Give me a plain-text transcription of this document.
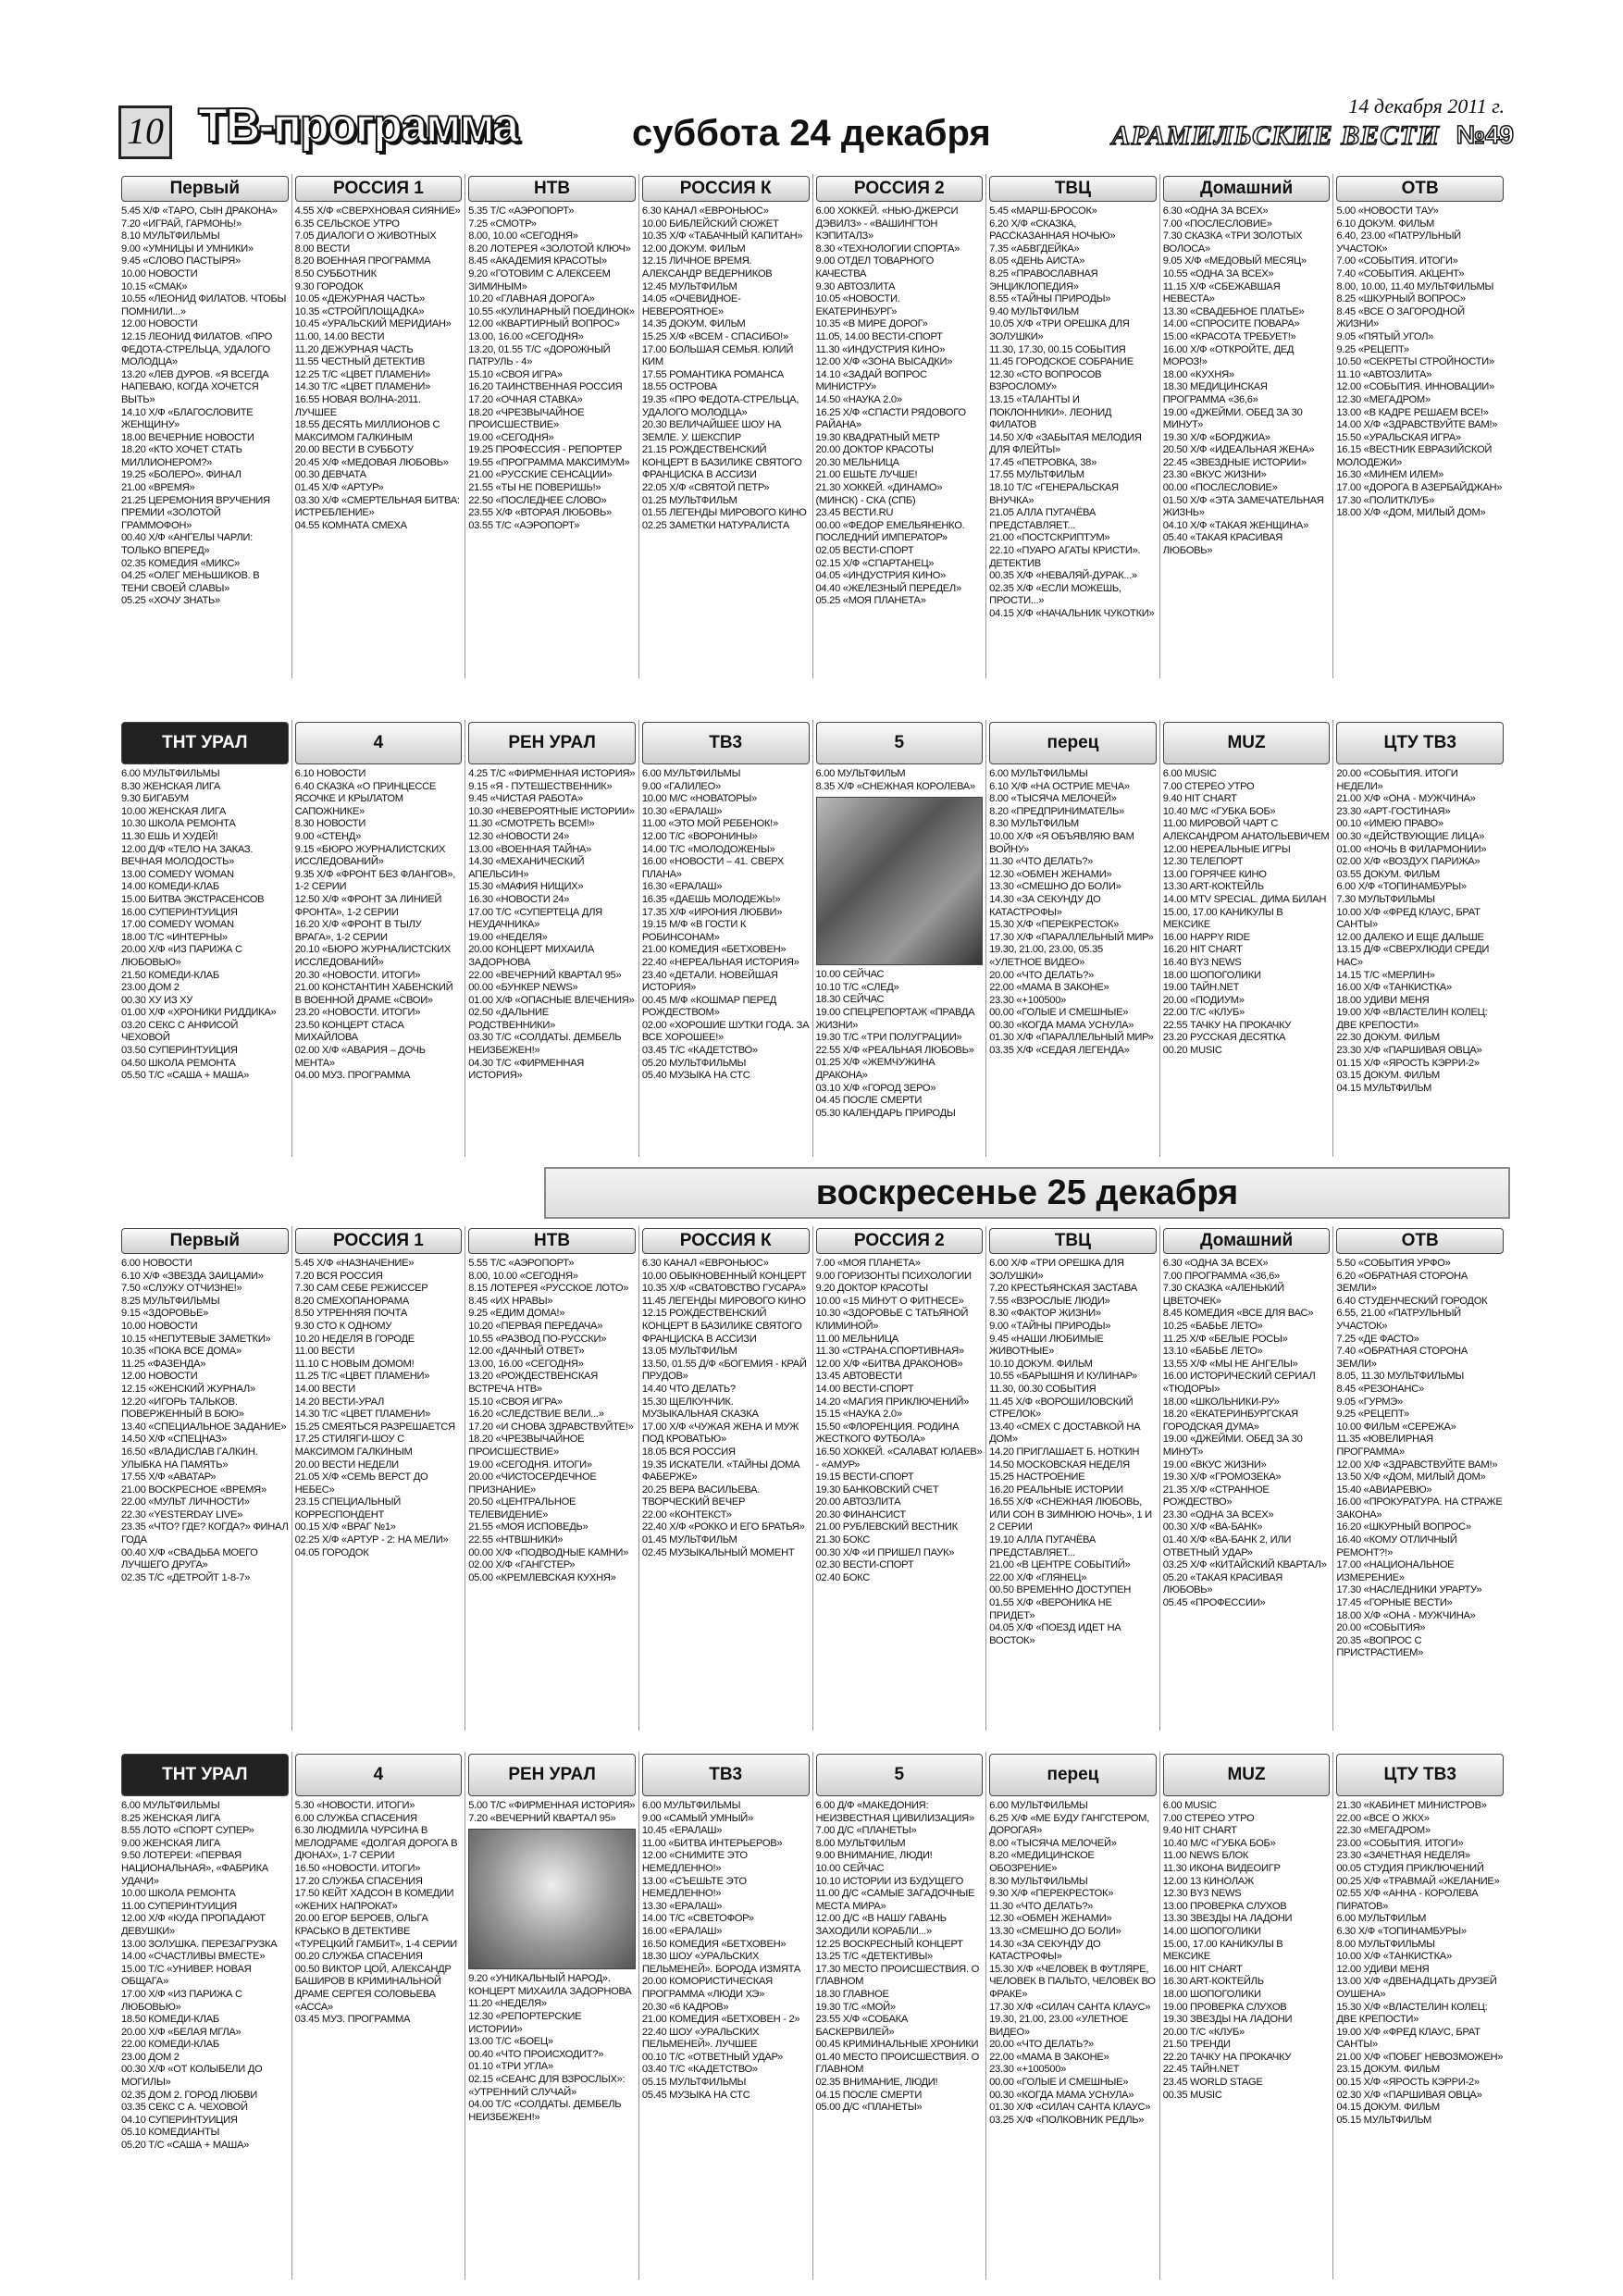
10 ТВ-программа	суббота 24 декабря
14 декабря 2011 г.
АРАМИЛЬСКИЕ ВЕСТИ №49
Первый
5.45 Х/Ф «ТАРО, СЫН ДРАКОНА»
7.20 «ИГРАЙ, ГАРМОНЬ!»
8.10 МУЛЬТФИЛЬМЫ
9.00 «УМНИЦЫ И УМНИКИ»
9.45 «СЛОВО ПАСТЫРЯ»
10.00 НОВОСТИ
10.15 «СМАК»
10.55 «ЛЕОНИД ФИЛАТОВ. ЧТОБЫ ПОМНИЛИ...»
12.00 НОВОСТИ
12.15 ЛЕОНИД ФИЛАТОВ. «ПРО ФЕДОТА-СТРЕЛЬЦА, УДАЛОГО МОЛОДЦА»
13.20 «ЛЕВ ДУРОВ. «Я ВСЕГДА НАПЕВАЮ, КОГДА ХОЧЕТСЯ ВЫТЬ»
14.10 Х/Ф «БЛАГОСЛОВИТЕ ЖЕНЩИНУ»
18.00 ВЕЧЕРНИЕ НОВОСТИ
18.20 «КТО ХОЧЕТ СТАТЬ МИЛЛИОНЕРОМ?»
19.25 «БОЛЕРО». ФИНАЛ
21.00 «ВРЕМЯ»
21.25 ЦЕРЕМОНИЯ ВРУЧЕНИЯ ПРЕМИИ «ЗОЛОТОЙ ГРАММОФОН»
00.40 Х/Ф «АНГЕЛЫ ЧАРЛИ: ТОЛЬКО ВПЕРЕД»
02.35 КОМЕДИЯ «МИКС»
04.25 «ОЛЕГ МЕНЬШИКОВ. В ТЕНИ СВОЕЙ СЛАВЫ»
05.25 «ХОЧУ ЗНАТЬ»
РОССИЯ 1
4.55 Х/Ф «СВЕРХНОВАЯ СИЯНИЕ»
6.35 СЕЛЬСКОЕ УТРО
7.05 ДИАЛОГИ О ЖИВОТНЫХ
8.00 ВЕСТИ
8.20 ВОЕННАЯ ПРОГРАММА
8.50 СУББОТНИК
9.30 ГОРОДОК
10.05 «ДЕЖУРНАЯ ЧАСТЬ»
10.35 «СТРОЙПЛОЩАДКА»
10.45 «УРАЛЬСКИЙ МЕРИДИАН»
11.00, 14.00 ВЕСТИ
11.20 ДЕЖУРНАЯ ЧАСТЬ
11.55 ЧЕСТНЫЙ ДЕТЕКТИВ
12.25 Т/С «ЦВЕТ ПЛАМЕНИ»
14.30 Т/С «ЦВЕТ ПЛАМЕНИ»
16.55 НОВАЯ ВОЛНА-2011. ЛУЧШЕЕ
18.55 ДЕСЯТЬ МИЛЛИОНОВ С МАКСИМОМ ГАЛКИНЫМ
20.00 ВЕСТИ В СУББОТУ
20.45 Х/Ф «МЕДОВАЯ ЛЮБОВЬ»
00.30 ДЕВЧАТА
01.45 Х/Ф «АРТУР»
03.30 Х/Ф «СМЕРТЕЛЬНАЯ БИТВА: ИСТРЕБЛЕНИЕ»
04.55 КОМНАТА СМЕХА
НТВ
5.35 Т/С «АЭРОПОРТ»
7.25 «СМОТР»
8.00, 10.00 «СЕГОДНЯ»
8.20 ЛОТЕРЕЯ «ЗОЛОТОЙ КЛЮЧ»
8.45 «АКАДЕМИЯ КРАСОТЫ»
9.20 «ГОТОВИМ С АЛЕКСЕЕМ ЗИМИНЫМ»
10.20 «ГЛАВНАЯ ДОРОГА»
10.55 «КУЛИНАРНЫЙ ПОЕДИНОК»
12.00 «КВАРТИРНЫЙ ВОПРОС»
13.00, 16.00 «СЕГОДНЯ»
13.20, 01.55 Т/С «ДОРОЖНЫЙ ПАТРУЛЬ - 4»
15.10 «СВОЯ ИГРА»
16.20 ТАИНСТВЕННАЯ РОССИЯ
17.20 «ОЧНАЯ СТАВКА»
18.20 «ЧРЕЗВЫЧАЙНОЕ ПРОИСШЕСТВИЕ»
19.00 «СЕГОДНЯ»
19.25 ПРОФЕССИЯ - РЕПОРТЕР
19.55 «ПРОГРАММА МАКСИМУМ»
21.00 «РУССКИЕ СЕНСАЦИИ»
21.55 «ТЫ НЕ ПОВЕРИШЬ!»
22.50 «ПОСЛЕДНЕЕ СЛОВО»
23.55 Х/Ф «ВТОРАЯ ЛЮБОВЬ»
03.55 Т/С «АЭРОПОРТ»
РОССИЯ К
6.30 КАНАЛ «ЕВРОНЬЮС»
10.00 БИБЛЕЙСКИЙ СЮЖЕТ
10.35 Х/Ф «ТАБАЧНЫЙ КАПИТАН»
12.00 ДОКУМ. ФИЛЬМ
12.15 ЛИЧНОЕ ВРЕМЯ. АЛЕКСАНДР ВЕДЕРНИКОВ
12.45 МУЛЬТФИЛЬМ
14.05 «ОЧЕВИДНОЕ-НЕВЕРОЯТНОЕ»
14.35 ДОКУМ. ФИЛЬМ
15.25 Х/Ф «ВСЕМ - СПАСИБО!»
17.00 БОЛЬШАЯ СЕМЬЯ. ЮЛИЙ КИМ
17.55 РОМАНТИКА РОМАНСА
18.55 ОСТРОВА
19.35 «ПРО ФЕДОТА-СТРЕЛЬЦА, УДАЛОГО МОЛОДЦА»
20.30 ВЕЛИЧАЙШЕЕ ШОУ НА ЗЕМЛЕ. У. ШЕКСПИР
21.15 РОЖДЕСТВЕНСКИЙ КОНЦЕРТ В БАЗИЛИКЕ СВЯТОГО ФРАНЦИСКА В АССИЗИ
22.05 Х/Ф «СВЯТОЙ ПЕТР»
01.25 МУЛЬТФИЛЬМ
01.55 ЛЕГЕНДЫ МИРОВОГО КИНО
02.25 ЗАМЕТКИ НАТУРАЛИСТА
РОССИЯ 2
6.00 ХОККЕЙ. «НЬЮ-ДЖЕРСИ ДЭВИЛЗ» - «ВАШИНГТОН КЭПИТАЛЗ»
8.30 «ТЕХНОЛОГИИ СПОРТА»
9.00 ОТДЕЛ ТОВАРНОГО КАЧЕСТВА
9.30 АВТОЗЛИТА
10.05 «НОВОСТИ. ЕКАТЕРИНБУРГ»
10.35 «В МИРЕ ДОРОГ»
11.05, 14.00 ВЕСТИ-СПОРТ
11.30 «ИНДУСТРИЯ КИНО»
12.00 Х/Ф «ЗОНА ВЫСАДКИ»
14.10 «ЗАДАЙ ВОПРОС МИНИСТРУ»
14.50 «НАУКА 2.0»
16.25 Х/Ф «СПАСТИ РЯДОВОГО РАЙАНА»
19.30 КВАДРАТНЫЙ МЕТР
20.00 ДОКТОР КРАСОТЫ
20.30 МЕЛЬНИЦА
21.00 ЕШЬТЕ ЛУЧШЕ!
21.30 ХОККЕЙ. «ДИНАМО» (МИНСК) - СКА (СПБ)
23.45 ВЕСТИ.RU
00.00 «ФЕДОР ЕМЕЛЬЯНЕНКО. ПОСЛЕДНИЙ ИМПЕРАТОР»
02.05 ВЕСТИ-СПОРТ
02.15 Х/Ф «СПАРТАНЕЦ»
04.05 «ИНДУСТРИЯ КИНО»
04.40 «ЖЕЛЕЗНЫЙ ПЕРЕДЕЛ»
05.25 «МОЯ ПЛАНЕТА»
ТВЦ
5.45 «МАРШ-БРОСОК»
6.20 Х/Ф «СКАЗКА, РАССКАЗАННАЯ НОЧЬЮ»
7.35 «АБВГДЕЙКА»
8.05 «ДЕНЬ АИСТА»
8.25 «ПРАВОСЛАВНАЯ ЭНЦИКЛОПЕДИЯ»
8.55 «ТАЙНЫ ПРИРОДЫ»
9.40 МУЛЬТФИЛЬМ
10.05 Х/Ф «ТРИ ОРЕШКА ДЛЯ ЗОЛУШКИ»
11.30, 17.30, 00.15 СОБЫТИЯ
11.45 ГОРОДСКОЕ СОБРАНИЕ
12.30 «СТО ВОПРОСОВ ВЗРОСЛОМУ»
13.15 «ТАЛАНТЫ И ПОКЛОННИКИ». ЛЕОНИД ФИЛАТОВ
14.50 Х/Ф «ЗАБЫТАЯ МЕЛОДИЯ ДЛЯ ФЛЕЙТЫ»
17.45 «ПЕТРОВКА, 38»
17.55 МУЛЬТФИЛЬМ
18.10 Т/С «ГЕНЕРАЛЬСКАЯ ВНУЧКА»
21.05 АЛЛА ПУГАЧЁВА ПРЕДСТАВЛЯЕТ...
21.00 «ПОСТСКРИПТУМ»
22.10 «ПУАРО АГАТЫ КРИСТИ». ДЕТЕКТИВ
00.35 Х/Ф «НЕВАЛЯЙ-ДУРАК...»
02.35 Х/Ф «ЕСЛИ МОЖЕШЬ, ПРОСТИ...»
04.15 Х/Ф «НАЧАЛЬНИК ЧУКОТКИ»
Домашний
6.30 «ОДНА ЗА ВСЕХ»
7.00 «ПОСЛЕСЛОВИЕ»
7.30 СКАЗКА «ТРИ ЗОЛОТЫХ ВОЛОСА»
9.05 Х/Ф «МЕДОВЫЙ МЕСЯЦ»
10.55 «ОДНА ЗА ВСЕХ»
11.15 Х/Ф «СБЕЖАВШАЯ НЕВЕСТА»
13.30 «СВАДЕБНОЕ ПЛАТЬЕ»
14.00 «СПРОСИТЕ ПОВАРА»
15.00 «КРАСОТА ТРЕБУЕТ!»
16.00 Х/Ф «ОТКРОЙТЕ, ДЕД МОРОЗ!»
18.00 «КУХНЯ»
18.30 МЕДИЦИНСКАЯ ПРОГРАММА «36,6»
19.00 «ДЖЕЙМИ. ОБЕД ЗА 30 МИНУТ»
19.30 Х/Ф «БОРДЖИА»
20.50 Х/Ф «ИДЕАЛЬНАЯ ЖЕНА»
22.45 «ЗВЕЗДНЫЕ ИСТОРИИ»
23.30 «ВКУС ЖИЗНИ»
00.00 «ПОСЛЕСЛОВИЕ»
01.50 Х/Ф «ЭТА ЗАМЕЧАТЕЛЬНАЯ ЖИЗНЬ»
04.10 Х/Ф «ТАКАЯ ЖЕНЩИНА»
05.40 «ТАКАЯ КРАСИВАЯ ЛЮБОВЬ»
ОТВ
5.00 «НОВОСТИ ТАУ»
6.10 ДОКУМ. ФИЛЬМ
6.40, 23.00 «ПАТРУЛЬНЫЙ УЧАСТОК»
7.00 «СОБЫТИЯ. ИТОГИ»
7.40 «СОБЫТИЯ. АКЦЕНТ»
8.00, 10.00, 11.40 МУЛЬТФИЛЬМЫ
8.25 «ШКУРНЫЙ ВОПРОС»
8.45 «ВСЕ О ЗАГОРОДНОЙ ЖИЗНИ»
9.05 «ПЯТЫЙ УГОЛ»
9.25 «РЕЦЕПТ»
10.50 «СЕКРЕТЫ СТРОЙНОСТИ»
11.10 «АВТОЗЛИТА»
12.00 «СОБЫТИЯ. ИННОВАЦИИ»
12.30 «МЕГАДРОМ»
13.00 «В КАДРЕ РЕШАЕМ ВСЕ!»
14.00 Х/Ф «ЗДРАВСТВУЙТЕ ВАМ!»
15.50 «УРАЛЬСКАЯ ИГРА»
16.15 «ВЕСТНИК ЕВРАЗИЙСКОЙ МОЛОДЕЖИ»
16.30 «МИНЕМ ИЛЕМ»
17.00 «ДОРОГА В АЗЕРБАЙДЖАН»
17.30 «ПОЛИТКЛУБ»
18.00 Х/Ф «ДОМ, МИЛЫЙ ДОМ»
ТНТ УРАЛ
6.00 МУЛЬТФИЛЬМЫ
8.30 ЖЕНСКАЯ ЛИГА
9.30 БИГАБУМ
10.00 ЖЕНСКАЯ ЛИГА
10.30 ШКОЛА РЕМОНТА
11.30 ЕШЬ И ХУДЕЙ!
12.00 Д/Ф «ТЕЛО НА ЗАКАЗ. ВЕЧНАЯ МОЛОДОСТЬ»
13.00 COMEDY WOMAN
14.00 КОМЕДИ-КЛАБ
15.00 БИТВА ЭКСТРАСЕНСОВ
16.00 СУПЕРИНТУИЦИЯ
17.00 COMEDY WOMAN
18.00 Т/С «ИНТЕРНЫ»
20.00 Х/Ф «ИЗ ПАРИЖА С ЛЮБОВЬЮ»
21.50 КОМЕДИ-КЛАБ
23.00 ДОМ 2
00.30 ХУ ИЗ ХУ
01.00 Х/Ф «ХРОНИКИ РИДДИКА»
03.20 СЕКС С АНФИСОЙ ЧЕХОВОЙ
03.50 СУПЕРИНТУИЦИЯ
04.50 ШКОЛА РЕМОНТА
05.50 Т/С «САША + МАША»
4
6.10 НОВОСТИ
6.40 СКАЗКА «О ПРИНЦЕССЕ ЯСОЧКЕ И КРЫЛАТОМ САПОЖНИКЕ»
8.30 НОВОСТИ
9.00 «СТЕНД»
9.15 «БЮРО ЖУРНАЛИСТСКИХ ИССЛЕДОВАНИЙ»
9.35 Х/Ф «ФРОНТ БЕЗ ФЛАНГОВ», 1-2 СЕРИИ
12.50 Х/Ф «ФРОНТ ЗА ЛИНИЕЙ ФРОНТА», 1-2 СЕРИИ
16.20 Х/Ф «ФРОНТ В ТЫЛУ ВРАГА», 1-2 СЕРИИ
20.10 «БЮРО ЖУРНАЛИСТСКИХ ИССЛЕДОВАНИЙ»
20.30 «НОВОСТИ. ИТОГИ»
21.00 КОНСТАНТИН ХАБЕНСКИЙ В ВОЕННОЙ ДРАМЕ «СВОИ»
23.20 «НОВОСТИ. ИТОГИ»
23.50 КОНЦЕРТ СТАСА МИХАЙЛОВА
02.00 Х/Ф «АВАРИЯ – ДОЧЬ МЕНТА»
04.00 МУЗ. ПРОГРАММА
РЕН УРАЛ
4.25 Т/С «ФИРМЕННАЯ ИСТОРИЯ»
9.15 «Я - ПУТЕШЕСТВЕННИК»
9.45 «ЧИСТАЯ РАБОТА»
10.30 «НЕВЕРОЯТНЫЕ ИСТОРИИ»
11.30 «СМОТРЕТЬ ВСЕМ!»
12.30 «НОВОСТИ 24»
13.00 «ВОЕННАЯ ТАЙНА»
14.30 «МЕХАНИЧЕСКИЙ АПЕЛЬСИН»
15.30 «МАФИЯ НИЩИХ»
16.30 «НОВОСТИ 24»
17.00 Т/С «СУПЕРТЕЦА ДЛЯ НЕУДАЧНИКА»
19.00 «НЕДЕЛЯ»
20.00 КОНЦЕРТ МИХАИЛА ЗАДОРНОВА
22.00 «ВЕЧЕРНИЙ КВАРТАЛ 95»
00.00 «БУНКЕР NEWS»
01.00 Х/Ф «ОПАСНЫЕ ВЛЕЧЕНИЯ»
02.50 «ДАЛЬНИЕ РОДСТВЕННИКИ»
03.30 Т/С «СОЛДАТЫ. ДЕМБЕЛЬ НЕИЗБЕЖЕН!»
04.30 Т/С «ФИРМЕННАЯ ИСТОРИЯ»
ТВ3
6.00 МУЛЬТФИЛЬМЫ
9.00 «ГАЛИЛЕО»
10.00 М/С «НОВАТОРЫ»
10.30 «ЕРАЛАШ»
11.00 «ЭТО МОЙ РЕБЕНОК!»
12.00 Т/С «ВОРОНИНЫ»
14.00 Т/С «МОЛОДОЖЕНЫ»
16.00 «НОВОСТИ – 41. СВЕРХ ПЛАНА»
16.30 «ЕРАЛАШ»
16.35 «ДАЕШЬ МОЛОДЕЖЬ!»
17.35 Х/Ф «ИРОНИЯ ЛЮБВИ»
19.15 М/Ф «В ГОСТИ К РОБИНСОНАМ»
21.00 КОМЕДИЯ «БЕТХОВЕН»
22.40 «НЕРЕАЛЬНАЯ ИСТОРИЯ»
23.40 «ДЕТАЛИ. НОВЕЙШАЯ ИСТОРИЯ»
00.45 М/Ф «КОШМАР ПЕРЕД РОЖДЕСТВОМ»
02.00 «ХОРОШИЕ ШУТКИ ГОДА. ЗА ВСЕ ХОРОШЕЕ!»
03.45 Т/С «КАДЕТСТВО»
05.20 МУЛЬТФИЛЬМЫ
05.40 МУЗЫКА НА СТС
5
6.00 МУЛЬТФИЛЬМ
8.35 Х/Ф «СНЕЖНАЯ КОРОЛЕВА»
10.00 СЕЙЧАС
10.10 Т/С «СЛЕД»
18.30 СЕЙЧАС
19.00 СПЕЦРЕПОРТАЖ «ПРАВДА ЖИЗНИ»
19.30 Т/С «ТРИ ПОЛУГРАЦИИ»
22.55 Х/Ф «РЕАЛЬНАЯ ЛЮБОВЬ»
01.25 Х/Ф «ЖЕМЧУЖИНА ДРАКОНА»
03.10 Х/Ф «ГОРОД ЗЕРО»
04.45 ПОСЛЕ СМЕРТИ
05.30 КАЛЕНДАРЬ ПРИРОДЫ
перец
6.00 МУЛЬТФИЛЬМЫ
6.10 Х/Ф «НА ОСТРИЕ МЕЧА»
8.00 «ТЫСЯЧА МЕЛОЧЕЙ»
8.20 «ПРЕДПРИНИМАТЕЛЬ»
8.30 МУЛЬТФИЛЬМ
10.00 Х/Ф «Я ОБЪЯВЛЯЮ ВАМ ВОЙНУ»
11.30 «ЧТО ДЕЛАТЬ?»
12.30 «ОБМЕН ЖЕНАМИ»
13.30 «СМЕШНО ДО БОЛИ»
14.30 «ЗА СЕКУНДУ ДО КАТАСТРОФЫ»
15.30 Х/Ф «ПЕРЕКРЕСТОК»
17.30 Х/Ф «ПАРАЛЛЕЛЬНЫЙ МИР»
19.30, 21.00, 23.00, 05.35 «УЛЕТНОЕ ВИДЕО»
20.00 «ЧТО ДЕЛАТЬ?»
22.00 «МАМА В ЗАКОНЕ»
23.30 «+100500»
00.00 «ГОЛЫЕ И СМЕШНЫЕ»
00.30 «КОГДА МАМА УСНУЛА»
01.30 Х/Ф «ПАРАЛЛЕЛЬНЫЙ МИР»
03.35 Х/Ф «СЕДАЯ ЛЕГЕНДА»
MUZ
6.00 MUSIC
7.00 СТЕРЕО УТРО
9.40 HIT CHART
10.40 М/С «ГУБКА БОБ»
11.00 МИРОВОЙ ЧАРТ С АЛЕКСАНДРОМ АНАТОЛЬЕВИЧЕМ
12.00 НЕРЕАЛЬНЫЕ ИГРЫ
12.30 ТЕЛЕПОРТ
13.00 ГОРЯЧЕЕ КИНО
13.30 ART-КОКТЕЙЛЬ
14.00 MTV SPECIAL. ДИМА БИЛАН
15.00, 17.00 КАНИКУЛЫ В МЕКСИКЕ
16.00 HAPPY RIDE
16.20 HIT CHART
16.40 BY3 NEWS
18.00 ШОПОГОЛИКИ
19.00 ТАЙН.NET
20.00 «ПОДИУМ»
22.00 Т/С «КЛУБ»
22.55 ТАЧКУ НА ПРОКАЧКУ
23.20 РУССКАЯ ДЕСЯТКА
00.20 MUSIC
ЦТУ ТВ3
20.00 «СОБЫТИЯ. ИТОГИ НЕДЕЛИ»
21.00 Х/Ф «ОНА - МУЖЧИНА»
23.30 «АРТ-ГОСТИНАЯ»
00.10 «ИМЕЮ ПРАВО»
00.30 «ДЕЙСТВУЮЩИЕ ЛИЦА»
01.00 «НОЧЬ В ФИЛАРМОНИИ»
02.00 Х/Ф «ВОЗДУХ ПАРИЖА»
03.55 ДОКУМ. ФИЛЬМ
6.00 Х/Ф «ТОПИНАМБУРЫ»
7.30 МУЛЬТФИЛЬМЫ
10.00 Х/Ф «ФРЕД КЛАУС, БРАТ САНТЫ»
12.00 ДАЛЕКО И ЕЩЕ ДАЛЬШЕ
13.15 Д/Ф «СВЕРХЛЮДИ СРЕДИ НАС»
14.15 Т/С «МЕРЛИН»
16.00 Х/Ф «ТАНКИСТКА»
18.00 УДИВИ МЕНЯ
19.00 Х/Ф «ВЛАСТЕЛИН КОЛЕЦ: ДВЕ КРЕПОСТИ»
22.30 ДОКУМ. ФИЛЬМ
23.30 Х/Ф «ПАРШИВАЯ ОВЦА»
01.15 Х/Ф «ЯРОСТЬ КЭРРИ-2»
03.15 ДОКУМ. ФИЛЬМ
04.15 МУЛЬТФИЛЬМ
воскресенье 25 декабря
Первый
6.00 НОВОСТИ
6.10 Х/Ф «ЗВЕЗДА ЗАИЦАМИ»
7.50 «СЛУЖУ ОТЧИЗНЕ!»
8.25 МУЛЬТФИЛЬМЫ
9.15 «ЗДОРОВЬЕ»
10.00 НОВОСТИ
10.15 «НЕПУТЕВЫЕ ЗАМЕТКИ»
10.35 «ПОКА ВСЕ ДОМА»
11.25 «ФАЗЕНДА»
12.00 НОВОСТИ
12.15 «ЖЕНСКИЙ ЖУРНАЛ»
12.20 «ИГОРЬ ТАЛЬКОВ. ПОВЕРЖЕННЫЙ В БОЮ»
13.40 «СПЕЦИАЛЬНОЕ ЗАДАНИЕ»
14.50 Х/Ф «СПЕЦНАЗ»
16.50 «ВЛАДИСЛАВ ГАЛКИН. УЛЫБКА НА ПАМЯТЬ»
17.55 Х/Ф «АВАТАР»
21.00 ВОСКРЕСНОЕ «ВРЕМЯ»
22.00 «МУЛЬТ ЛИЧНОСТИ»
22.30 «YESTERDAY LIVE»
23.35 «ЧТО? ГДЕ? КОГДА?» ФИНАЛ ГОДА
00.40 Х/Ф «СВАДЬБА МОЕГО ЛУЧШЕГО ДРУГА»
02.35 Т/С «ДЕТРОЙТ 1-8-7»
РОССИЯ 1
5.45 Х/Ф «НАЗНАЧЕНИЕ»
7.20 ВСЯ РОССИЯ
7.30 САМ СЕБЕ РЕЖИССЕР
8.20 СМЕХОПАНОРАМА
8.50 УТРЕННЯЯ ПОЧТА
9.30 СТО К ОДНОМУ
10.20 НЕДЕЛЯ В ГОРОДЕ
11.00 ВЕСТИ
11.10 С НОВЫМ ДОМОМ!
11.25 Т/С «ЦВЕТ ПЛАМЕНИ»
14.00 ВЕСТИ
14.20 ВЕСТИ-УРАЛ
14.30 Т/С «ЦВЕТ ПЛАМЕНИ»
15.25 СМЕЯТЬСЯ РАЗРЕШАЕТСЯ
17.25 СТИЛЯГИ-ШОУ С МАКСИМОМ ГАЛКИНЫМ
20.00 ВЕСТИ НЕДЕЛИ
21.05 Х/Ф «СЕМЬ ВЕРСТ ДО НЕБЕС»
23.15 СПЕЦИАЛЬНЫЙ КОРРЕСПОНДЕНТ
00.15 Х/Ф «ВРАГ №1»
02.25 Х/Ф «АРТУР - 2: НА МЕЛИ»
04.05 ГОРОДОК
НТВ
5.55 Т/С «АЭРОПОРТ»
8.00, 10.00 «СЕГОДНЯ»
8.15 ЛОТЕРЕЯ «РУССКОЕ ЛОТО»
8.45 «ИХ НРАВЫ»
9.25 «ЕДИМ ДОМА!»
10.20 «ПЕРВАЯ ПЕРЕДАЧА»
10.55 «РАЗВОД ПО-РУССКИ»
12.00 «ДАЧНЫЙ ОТВЕТ»
13.00, 16.00 «СЕГОДНЯ»
13.20 «РОЖДЕСТВЕНСКАЯ ВСТРЕЧА НТВ»
15.10 «СВОЯ ИГРА»
16.20 «СЛЕДСТВИЕ ВЕЛИ...»
17.20 «И СНОВА ЗДРАВСТВУЙТЕ!»
18.20 «ЧРЕЗВЫЧАЙНОЕ ПРОИСШЕСТВИЕ»
19.00 «СЕГОДНЯ. ИТОГИ»
20.00 «ЧИСТОСЕРДЕЧНОЕ ПРИЗНАНИЕ»
20.50 «ЦЕНТРАЛЬНОЕ ТЕЛЕВИДЕНИЕ»
21.55 «МОЯ ИСПОВЕДЬ»
22.55 «НТВШНИКИ»
00.00 Х/Ф «ПОДВОДНЫЕ КАМНИ»
02.00 Х/Ф «ГАНГСТЕР»
05.00 «КРЕМЛЕВСКАЯ КУХНЯ»
РОССИЯ К
6.30 КАНАЛ «ЕВРОНЬЮС»
10.00 ОБЫКНОВЕННЫЙ КОНЦЕРТ
10.35 Х/Ф «СВАТОВСТВО ГУСАРА»
11.45 ЛЕГЕНДЫ МИРОВОГО КИНО
12.15 РОЖДЕСТВЕНСКИЙ КОНЦЕРТ В БАЗИЛИКЕ СВЯТОГО ФРАНЦИСКА В АССИЗИ
13.05 МУЛЬТФИЛЬМ
13.50, 01.55 Д/Ф «БОГЕМИЯ - КРАЙ ПРУДОВ»
14.40 ЧТО ДЕЛАТЬ?
15.30 ЩЕЛКУНЧИК. МУЗЫКАЛЬНАЯ СКАЗКА
17.00 Х/Ф «ЧУЖАЯ ЖЕНА И МУЖ ПОД КРОВАТЬЮ»
18.05 ВСЯ РОССИЯ
19.35 ИСКАТЕЛИ. «ТАЙНЫ ДОМА ФАБЕРЖЕ»
20.25 ВЕРА ВАСИЛЬЕВА. ТВОРЧЕСКИЙ ВЕЧЕР
22.00 «КОНТЕКСТ»
22.40 Х/Ф «РОККО И ЕГО БРАТЬЯ»
01.45 МУЛЬТФИЛЬМ
02.45 МУЗЫКАЛЬНЫЙ МОМЕНТ
РОССИЯ 2
7.00 «МОЯ ПЛАНЕТА»
9.00 ГОРИЗОНТЫ ПСИХОЛОГИИ
9.20 ДОКТОР КРАСОТЫ
10.00 «15 МИНУТ О ФИТНЕСЕ»
10.30 «ЗДОРОВЬЕ С ТАТЬЯНОЙ КЛИМИНОЙ»
11.00 МЕЛЬНИЦА
11.30 «СТРАНА.СПОРТИВНАЯ»
12.00 Х/Ф «БИТВА ДРАКОНОВ»
13.45 АВТОВЕСТИ
14.00 ВЕСТИ-СПОРТ
14.20 «МАГИЯ ПРИКЛЮЧЕНИЙ»
15.15 «НАУКА 2.0»
15.50 «ФЛОРЕНЦИЯ. РОДИНА ЖЕСТКОГО ФУТБОЛА»
16.50 ХОККЕЙ. «САЛАВАТ ЮЛАЕВ» - «АМУР»
19.15 ВЕСТИ-СПОРТ
19.30 БАНКОВСКИЙ СЧЕТ
20.00 АВТОЗЛИТА
20.30 ФИНАНСИСТ
21.00 РУБЛЕВСКИЙ ВЕСТНИК
21.30 БОКС
00.30 Х/Ф «И ПРИШЕЛ ПАУК»
02.30 ВЕСТИ-СПОРТ
02.40 БОКС
ТВЦ
6.00 Х/Ф «ТРИ ОРЕШКА ДЛЯ ЗОЛУШКИ»
7.20 КРЕСТЬЯНСКАЯ ЗАСТАВА
7.55 «ВЗРОСЛЫЕ ЛЮДИ»
8.30 «ФАКТОР ЖИЗНИ»
9.00 «ТАЙНЫ ПРИРОДЫ»
9.45 «НАШИ ЛЮБИМЫЕ ЖИВОТНЫЕ»
10.10 ДОКУМ. ФИЛЬМ
10.55 «БАРЫШНЯ И КУЛИНАР»
11.30, 00.30 СОБЫТИЯ
11.45 Х/Ф «ВОРОШИЛОВСКИЙ СТРЕЛОК»
13.40 «СМЕХ С ДОСТАВКОЙ НА ДОМ»
14.20 ПРИГЛАШАЕТ Б. НОТКИН
14.50 МОСКОВСКАЯ НЕДЕЛЯ
15.25 НАСТРОЕНИЕ
16.20 РЕАЛЬНЫЕ ИСТОРИИ
16.55 Х/Ф «СНЕЖНАЯ ЛЮБОВЬ, ИЛИ СОН В ЗИМНЮЮ НОЧЬ», 1 И 2 СЕРИИ
19.10 АЛЛА ПУГАЧЁВА ПРЕДСТАВЛЯЕТ...
21.00 «В ЦЕНТРЕ СОБЫТИЙ»
22.00 Х/Ф «ГЛЯНЕЦ»
00.50 ВРЕМЕННО ДОСТУПЕН
01.55 Х/Ф «ВЕРОНИКА НЕ ПРИДЕТ»
04.05 Х/Ф «ПОЕЗД ИДЕТ НА ВОСТОК»
Домашний
6.30 «ОДНА ЗА ВСЕХ»
7.00 ПРОГРАММА «36,6»
7.30 СКАЗКА «АЛЕНЬКИЙ ЦВЕТОЧЕК»
8.45 КОМЕДИЯ «ВСЕ ДЛЯ ВАС»
10.25 «БАБЬЕ ЛЕТО»
11.25 Х/Ф «БЕЛЫЕ РОСЫ»
13.10 «БАБЬЕ ЛЕТО»
13.55 Х/Ф «МЫ НЕ АНГЕЛЫ»
16.00 ИСТОРИЧЕСКИЙ СЕРИАЛ «ТЮДОРЫ»
18.00 «ШКОЛЬНИКИ-РУ»
18.20 «ЕКАТЕРИНБУРГСКАЯ ГОРОДСКАЯ ДУМА»
19.00 «ДЖЕЙМИ. ОБЕД ЗА 30 МИНУТ»
19.00 «ВКУС ЖИЗНИ»
19.30 Х/Ф «ГРОМОЗЕКА»
21.35 Х/Ф «СТРАННОЕ РОЖДЕСТВО»
23.30 «ОДНА ЗА ВСЕХ»
00.30 Х/Ф «ВА-БАНК»
01.40 Х/Ф «ВА-БАНК 2, ИЛИ ОТВЕТНЫЙ УДАР»
03.25 Х/Ф «КИТАЙСКИЙ КВАРТАЛ»
05.20 «ТАКАЯ КРАСИВАЯ ЛЮБОВЬ»
05.45 «ПРОФЕССИИ»
ОТВ
5.50 «СОБЫТИЯ УРФО»
6.20 «ОБРАТНАЯ СТОРОНА ЗЕМЛИ»
6.40 СТУДЕНЧЕСКИЙ ГОРОДОК
6.55, 21.00 «ПАТРУЛЬНЫЙ УЧАСТОК»
7.25 «ДЕ ФАСТО»
7.40 «ОБРАТНАЯ СТОРОНА ЗЕМЛИ»
8.05, 11.30 МУЛЬТФИЛЬМЫ
8.45 «РЕЗОНАНС»
9.05 «ГУРМЭ»
9.25 «РЕЦЕПТ»
10.00 ФИЛЬМ «СЕРЕЖА»
11.35 «ЮВЕЛИРНАЯ ПРОГРАММА»
12.00 Х/Ф «ЗДРАВСТВУЙТЕ ВАМ!»
13.50 Х/Ф «ДОМ, МИЛЫЙ ДОМ»
15.40 «АВИАРЕВЮ»
16.00 «ПРОКУРАТУРА. НА СТРАЖЕ ЗАКОНА»
16.20 «ШКУРНЫЙ ВОПРОС»
16.40 «КОМУ ОТЛИЧНЫЙ РЕМОНТ?!»
17.00 «НАЦИОНАЛЬНОЕ ИЗМЕРЕНИЕ»
17.30 «НАСЛЕДНИКИ УРАРТУ»
17.45 «ГОРНЫЕ ВЕСТИ»
18.00 Х/Ф «ОНА - МУЖЧИНА»
20.00 «СОБЫТИЯ»
20.35 «ВОПРОС С ПРИСТРАСТИЕМ»
ТНТ УРАЛ
6.00 МУЛЬТФИЛЬМЫ
8.25 ЖЕНСКАЯ ЛИГА
8.55 ЛОТО «СПОРТ СУПЕР»
9.00 ЖЕНСКАЯ ЛИГА
9.50 ЛОТЕРЕИ: «ПЕРВАЯ НАЦИОНАЛЬНАЯ», «ФАБРИКА УДАЧИ»
10.00 ШКОЛА РЕМОНТА
11.00 СУПЕРИНТУИЦИЯ
12.00 Х/Ф «КУДА ПРОПАДАЮТ ДЕВУШКИ»
13.00 ЗОЛУШКА. ПЕРЕЗАГРУЗКА
14.00 «СЧАСТЛИВЫ ВМЕСТЕ»
15.00 Т/С «УНИВЕР. НОВАЯ ОБЩАГА»
17.00 Х/Ф «ИЗ ПАРИЖА С ЛЮБОВЬЮ»
18.50 КОМЕДИ-КЛАБ
20.00 Х/Ф «БЕЛАЯ МГЛА»
22.00 КОМЕДИ-КЛАБ
23.00 ДОМ 2
00.30 Х/Ф «ОТ КОЛЫБЕЛИ ДО МОГИЛЫ»
02.35 ДОМ 2. ГОРОД ЛЮБВИ
03.35 СЕКС С А. ЧЕХОВОЙ
04.10 СУПЕРИНТУИЦИЯ
05.10 КОМЕДИАНТЫ
05.20 Т/С «САША + МАША»
4
5.30 «НОВОСТИ. ИТОГИ»
6.00 СЛУЖБА СПАСЕНИЯ
6.30 ЛЮДМИЛА ЧУРСИНА В МЕЛОДРАМЕ «ДОЛГАЯ ДОРОГА В ДЮНАХ», 1-7 СЕРИИ
16.50 «НОВОСТИ. ИТОГИ»
17.20 СЛУЖБА СПАСЕНИЯ
17.50 КЕЙТ ХАДСОН В КОМЕДИИ «ЖЕНИХ НАПРОКАТ»
20.00 ЕГОР БЕРОЕВ, ОЛЬГА КРАСЬКО В ДЕТЕКТИВЕ «ТУРЕЦКИЙ ГАМБИТ», 1-4 СЕРИИ
00.20 СЛУЖБА СПАСЕНИЯ
00.50 ВИКТОР ЦОЙ, АЛЕКСАНДР БАШИРОВ В КРИМИНАЛЬНОЙ ДРАМЕ СЕРГЕЯ СОЛОВЬЕВА «АССА»
03.45 МУЗ. ПРОГРАММА
РЕН УРАЛ
5.00 Т/С «ФИРМЕННАЯ ИСТОРИЯ»
7.20 «ВЕЧЕРНИЙ КВАРТАЛ 95»
9.20 «УНИКАЛЬНЫЙ НАРОД». КОНЦЕРТ МИХАИЛА ЗАДОРНОВА
11.20 «НЕДЕЛЯ»
12.30 «РЕПОРТЕРСКИЕ ИСТОРИИ»
13.00 Т/С «БОЕЦ»
00.40 «ЧТО ПРОИСХОДИТ?»
01.10 «ТРИ УГЛА»
02.15 «СЕАНС ДЛЯ ВЗРОСЛЫХ»: «УТРЕННИЙ СЛУЧАЙ»
04.00 Т/С «СОЛДАТЫ. ДЕМБЕЛЬ НЕИЗБЕЖЕН!»
ТВ3
6.00 МУЛЬТФИЛЬМЫ
9.00 «САМЫЙ УМНЫЙ»
10.45 «ЕРАЛАШ»
11.00 «БИТВА ИНТЕРЬЕРОВ»
12.00 «СНИМИТЕ ЭТО НЕМЕДЛЕННО!»
13.00 «СЪЕШЬТЕ ЭТО НЕМЕДЛЕННО!»
13.30 «ЕРАЛАШ»
14.00 Т/С «СВЕТОФОР»
16.00 «ЕРАЛАШ»
16.50 КОМЕДИЯ «БЕТХОВЕН»
18.30 ШОУ «УРАЛЬСКИХ ПЕЛЬМЕНЕЙ». БОРОДА ИЗМЯТА
20.00 КОМОРИСТИЧЕСКАЯ ПРОГРАММА «ЛЮДИ ХЭ»
20.30 «6 КАДРОВ»
21.00 КОМЕДИЯ «БЕТХОВЕН - 2»
22.40 ШОУ «УРАЛЬСКИХ ПЕЛЬМЕНЕЙ». ЛУЧШЕЕ
00.10 Т/С «ОТВЕТНЫЙ УДАР»
03.40 Т/С «КАДЕТСТВО»
05.15 МУЛЬТФИЛЬМЫ
05.45 МУЗЫКА НА СТС
5
6.00 Д/Ф «МАКЕДОНИЯ: НЕИЗВЕСТНАЯ ЦИВИЛИЗАЦИЯ»
7.00 Д/С «ПЛАНЕТЫ»
8.00 МУЛЬТФИЛЬМ
9.00 ВНИМАНИЕ, ЛЮДИ!
10.00 СЕЙЧАС
10.10 ИСТОРИИ ИЗ БУДУЩЕГО
11.00 Д/С «САМЫЕ ЗАГАДОЧНЫЕ МЕСТА МИРА»
12.00 Д/С «В НАШУ ГАВАНЬ ЗАХОДИЛИ КОРАБЛИ...»
12.25 ВОСКРЕСНЫЙ КОНЦЕРТ
13.25 Т/С «ДЕТЕКТИВЫ»
17.30 МЕСТО ПРОИСШЕСТВИЯ. О ГЛАВНОМ
18.30 ГЛАВНОЕ
19.30 Т/С «МОЙ»
23.55 Х/Ф «СОБАКА БАСКЕРВИЛЕЙ»
00.45 КРИМИНАЛЬНЫЕ ХРОНИКИ
01.40 МЕСТО ПРОИСШЕСТВИЯ. О ГЛАВНОМ
02.35 ВНИМАНИЕ, ЛЮДИ!
04.15 ПОСЛЕ СМЕРТИ
05.00 Д/С «ПЛАНЕТЫ»
перец
6.00 МУЛЬТФИЛЬМЫ
6.25 Х/Ф «МЕ БУДУ ГАНГСТЕРОМ, ДОРОГАЯ»
8.00 «ТЫСЯЧА МЕЛОЧЕЙ»
8.20 «МЕДИЦИНСКОЕ ОБОЗРЕНИЕ»
8.30 МУЛЬТФИЛЬМЫ
9.30 Х/Ф «ПЕРЕКРЕСТОК»
11.30 «ЧТО ДЕЛАТЬ?»
12.30 «ОБМЕН ЖЕНАМИ»
13.30 «СМЕШНО ДО БОЛИ»
14.30 «ЗА СЕКУНДУ ДО КАТАСТРОФЫ»
15.30 Х/Ф «ЧЕЛОВЕК В ФУТЛЯРЕ, ЧЕЛОВЕК В ПАЛЬТО, ЧЕЛОВЕК ВО ФРАКЕ»
17.30 Х/Ф «СИЛАЧ САНТА КЛАУС»
19.30, 21.00, 23.00 «УЛЕТНОЕ ВИДЕО»
20.00 «ЧТО ДЕЛАТЬ?»
22.00 «МАМА В ЗАКОНЕ»
23.30 «+100500»
00.00 «ГОЛЫЕ И СМЕШНЫЕ»
00.30 «КОГДА МАМА УСНУЛА»
01.30 Х/Ф «СИЛАЧ САНТА КЛАУС»
03.25 Х/Ф «ПОЛКОВНИК РЕДЛЬ»
MUZ
6.00 MUSIC
7.00 СТЕРЕО УТРО
9.40 HIT CHART
10.40 М/С «ГУБКА БОБ»
11.00 NEWS БЛОК
11.30 ИКОНА ВИДЕОИГР
12.00 13 КИНОЛАЖ
12.30 BY3 NEWS
13.00 ПРОВЕРКА СЛУХОВ
13.30 ЗВЕЗДЫ НА ЛАДОНИ
14.00 ШОПОГОЛИКИ
15.00, 17.00 КАНИКУЛЫ В МЕКСИКЕ
16.00 HIT CHART
16.30 ART-КОКТЕЙЛЬ
18.00 ШОПОГОЛИКИ
19.00 ПРОВЕРКА СЛУХОВ
19.30 ЗВЕЗДЫ НА ЛАДОНИ
20.00 Т/С «КЛУБ»
21.50 ТРЕНДИ
22.20 ТАЧКУ НА ПРОКАЧКУ
22.45 ТАЙН.NET
23.45 WORLD STAGE
00.35 MUSIC
ЦТУ ТВ3
21.30 «КАБИНЕТ МИНИСТРОВ»
22.00 «ВСЕ О ЖКХ»
22.30 «МЕГАДРОМ»
23.00 «СОБЫТИЯ. ИТОГИ»
23.30 «ЗАЧЕТНАЯ НЕДЕЛЯ»
00.05 СТУДИЯ ПРИКЛЮЧЕНИЙ
00.25 Х/Ф «ТРАВМАЙ «ЖЕЛАНИЕ»
02.55 Х/Ф «АННА - КОРОЛЕВА ПИРАТОВ»
6.00 МУЛЬТФИЛЬМ
6.30 Х/Ф «ТОПИНАМБУРЫ»
8.00 МУЛЬТФИЛЬМЫ
10.00 Х/Ф «ТАНКИСТКА»
12.00 УДИВИ МЕНЯ
13.00 Х/Ф «ДВЕНАДЦАТЬ ДРУЗЕЙ ОУШЕНА»
15.30 Х/Ф «ВЛАСТЕЛИН КОЛЕЦ: ДВЕ КРЕПОСТИ»
19.00 Х/Ф «ФРЕД КЛАУС, БРАТ САНТЫ»
21.00 Х/Ф «ПОБЕГ НЕВОЗМОЖЕН»
23.15 ДОКУМ. ФИЛЬМ
00.15 Х/Ф «ЯРОСТЬ КЭРРИ-2»
02.30 Х/Ф «ПАРШИВАЯ ОВЦА»
04.15 ДОКУМ. ФИЛЬМ
05.15 МУЛЬТФИЛЬМ
